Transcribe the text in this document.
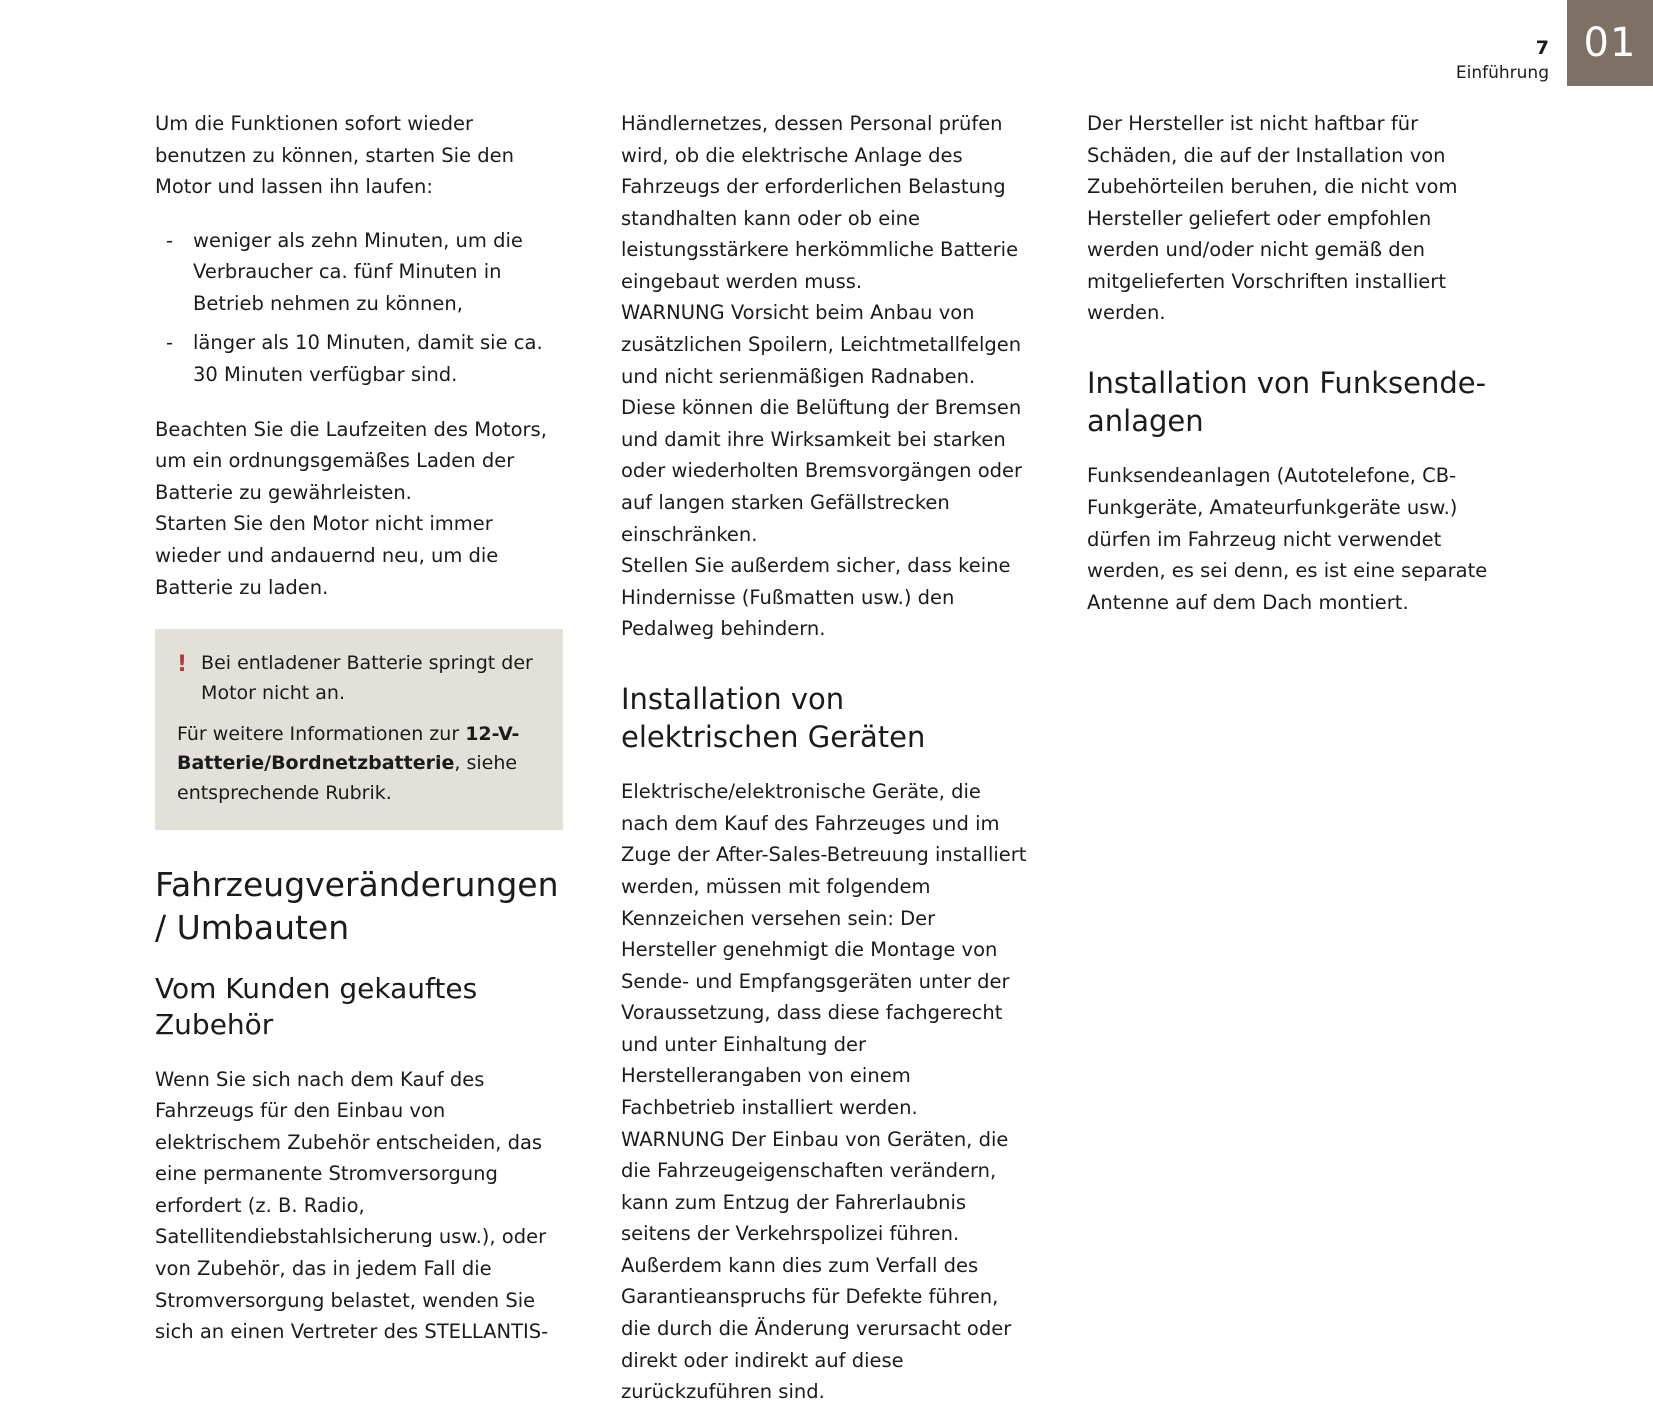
01
7
Einführung

Um die Funktionen sofort wieder benutzen zu können, starten Sie den Motor und lassen ihn laufen:

- weniger als zehn Minuten, um die Verbraucher ca. fünf Minuten in Betrieb nehmen zu können,
- länger als 10 Minuten, damit sie ca. 30 Minuten verfügbar sind.

Beachten Sie die Laufzeiten des Motors, um ein ordnungsgemäßes Laden der Batterie zu gewährleisten.

Starten Sie den Motor nicht immer wieder und andauernd neu, um die Batterie zu laden.

! Bei entladener Batterie springt der Motor nicht an.

Für weitere Informationen zur 12-V-Batterie/Bordnetzbatterie, siehe entsprechende Rubrik.

Fahrzeugveränderungen / Umbauten
Vom Kunden gekauftes Zubehör

Wenn Sie sich nach dem Kauf des Fahrzeugs für den Einbau von elektrischem Zubehör entscheiden, das eine permanente Stromversorgung erfordert (z. B. Radio, Satellitendiebstahlsicherung usw.), oder von Zubehör, das in jedem Fall die Stromversorgung belastet, wenden Sie sich an einen Vertreter des STELLANTIS-

Händlernetzes, dessen Personal prüfen wird, ob die elektrische Anlage des Fahrzeugs der erforderlichen Belastung standhalten kann oder ob eine leistungsstärkere herkömmliche Batterie eingebaut werden muss.

WARNUNG Vorsicht beim Anbau von zusätzlichen Spoilern, Leichtmetallfelgen und nicht serienmäßigen Radnaben. Diese können die Belüftung der Bremsen und damit ihre Wirksamkeit bei starken oder wiederholten Bremsvorgängen oder auf langen starken Gefällstrecken einschränken.

Stellen Sie außerdem sicher, dass keine Hindernisse (Fußmatten usw.) den Pedalweg behindern.

Installation von elektrischen Geräten

Elektrische/elektronische Geräte, die nach dem Kauf des Fahrzeuges und im Zuge der After-Sales-Betreuung installiert werden, müssen mit folgendem Kennzeichen versehen sein: Der Hersteller genehmigt die Montage von Sende- und Empfangsgeräten unter der Voraussetzung, dass diese fachgerecht und unter Einhaltung der Herstellerangaben von einem Fachbetrieb installiert werden.

WARNUNG Der Einbau von Geräten, die die Fahrzeugeigenschaften verändern, kann zum Entzug der Fahrerlaubnis seitens der Verkehrspolizei führen.

Außerdem kann dies zum Verfall des Garantieanspruchs für Defekte führen, die durch die Änderung verursacht oder direkt oder indirekt auf diese zurückzuführen sind.

Der Hersteller ist nicht haftbar für Schäden, die auf der Installation von Zubehörteilen beruhen, die nicht vom Hersteller geliefert oder empfohlen werden und/oder nicht gemäß den mitgelieferten Vorschriften installiert werden.

Installation von Funksende-anlagen

Funksendeanlagen (Autotelefone, CB-Funkgeräte, Amateurfunkgeräte usw.) dürfen im Fahrzeug nicht verwendet werden, es sei denn, es ist eine separate Antenne auf dem Dach montiert.
